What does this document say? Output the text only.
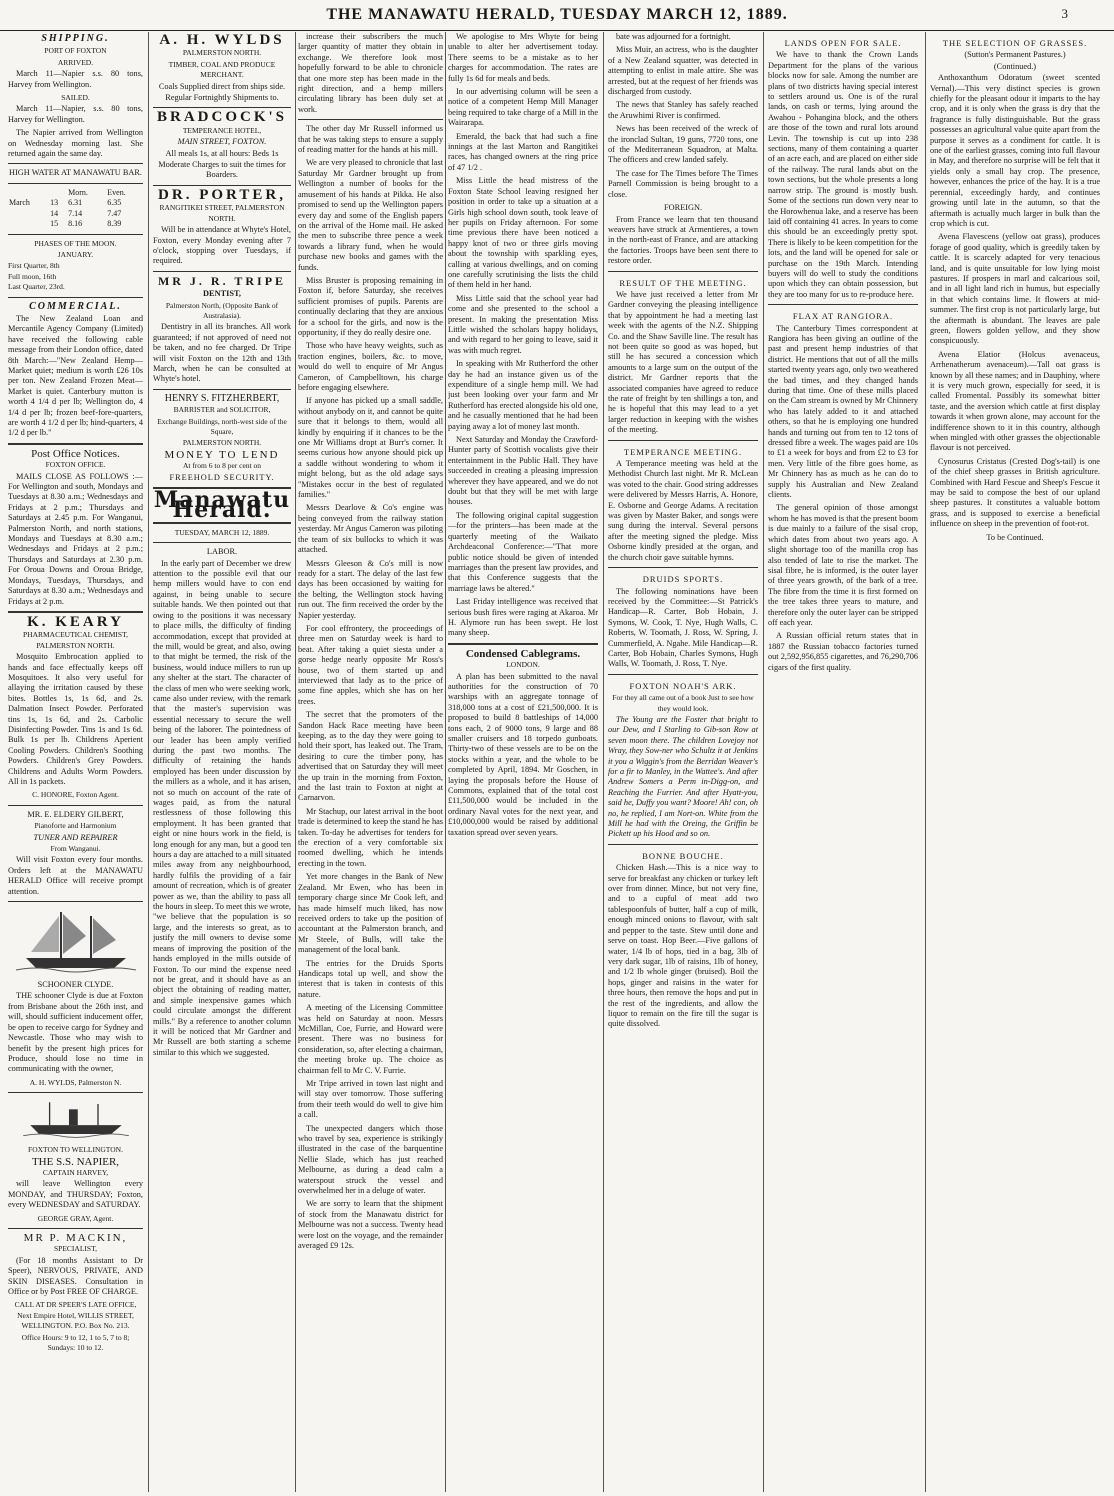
THE MANAWATU HERALD, TUESDAY MARCH 12, 1889.	3
SHIPPING.
PORT OF FOXTON
ARRIVED.

March 11—Napier s.s. 80 tons, Harvey from Wellington.

SAILED.

March 11—Napier, s.s. 80 tons, Harvey for Wellington.

The Napier arrived from Wellington on Wednesday morning last. She returned again the same day.

HIGH WATER AT MANAWATU BAR.
		Morn.	Even.
March	13	6.31	6.35
	14	7.14	7.47
	15	8.16	8.39
PHASES OF THE MOON.
JANUARY.
First Quarter, 8th
Full moon, 16th
Last Quarter, 23rd.
COMMERCIAL.

The New Zealand Loan and Mercantile Agency Company (Limited) have received the following cable message from their London office, dated 8th March:—"New Zealand Hemp—Market quiet; medium is worth £26 10s per ton. New Zealand Frozen Meat—Market is quiet. Canterbury mutton is worth 4 1/4 d per lb; Wellington do, 4 1/4 d per lb; frozen beef-fore-quarters, are worth 4 1/2 d per lb; hind-quarters, 4 1/2 d per lb."

Post Office Notices.
FOXTON OFFICE.

MAILS CLOSE AS FOLLOWS :— For Wellington and south, Mondays and Tuesdays at 8.30 a.m.; Wednesdays and Fridays at 2 p.m.; Thursdays and Saturdays at 2.45 p.m. For Wanganui, Palmerston North, and north stations, Mondays and Tuesdays at 8.30 a.m.; Wednesdays and Fridays at 2 p.m.; Thursdays and Saturdays at 2.30 p.m. For Oroua Downs and Oroua Bridge, Mondays, Tuesdays, Thursdays, and Saturdays at 8.30 a.m.; Wednesdays and Fridays at 2 p.m.

K. KEARY
PHARMACEUTICAL CHEMIST, PALMERSTON NORTH.

Mosquito Embrocation applied to hands and face effectually keeps off Mosquitoes. It also very useful for allaying the irritation caused by these bites. Bottles 1s, 1s 6d, and 2s. Dalmation Insect Powder. Perforated tins 1s, 1s 6d, and 2s. Carbolic Disinfecting Powder. Tins 1s and 1s 6d. Bulk 1s per lb. Childrens Aperient Cooling Powders. Children's Soothing Powders. Children's Grey Powders. Childrens and Adults Worm Powders. All in 1s packets.

C. HONORE, Foxton Agent.
MR. E. ELDERY GILBERT,
Pianoforte and Harmonium
TUNER AND REPAIRER
From Wanganui.

Will visit Foxton every four months. Orders left at the MANAWATU HERALD Office will receive prompt attention.

SCHOONER CLYDE.

THE schooner Clyde is due at Foxton from Brisbane about the 26th inst, and will, should sufficient inducement offer, be open to receive cargo for Sydney and Newcastle. Those who may wish to benefit by the present high prices for Produce, should lose no time in communicating with the owner,

A. H. WYLDS, Palmerston N.
FOXTON TO WELLINGTON.
THE S.S. NAPIER,
CAPTAIN HARVEY,

will leave Wellington every MONDAY, and THURSDAY; Foxton, every WEDNESDAY and SATURDAY.

GEORGE GRAY, Agent.
MR P. MACKIN,
SPECIALIST,

(For 18 months Assistant to Dr Speer), NERVOUS, PRIVATE, AND SKIN DISEASES. Consultation in Office or by Post FREE OF CHARGE.

CALL AT DR SPEER'S LATE OFFICE, Next Empire Hotel, WILLIS STREET, WELLINGTON. P.O. Box No. 213.
Office Hours: 9 to 12, 1 to 5, 7 to 8; Sundays: 10 to 12.
A. H. WYLDS
PALMERSTON NORTH.
TIMBER, COAL AND PRODUCE MERCHANT.
Coals Supplied direct from ships side.
Regular Fortnightly Shipments to.
BRADCOCK'S
TEMPERANCE HOTEL,
MAIN STREET, FOXTON.
All meals 1s, at all hours: Beds 1s
Moderate Charges to suit the times for Boarders.
DR. PORTER,
RANGITIKEI STREET, PALMERSTON NORTH.

Will be in attendance at Whyte's Hotel, Foxton, every Monday evening after 7 o'clock, stopping over Tuesdays, if required.

MR J. R. TRIPE
DENTIST,
Palmerston North, (Opposite Bank of Australasia).

Dentistry in all its branches. All work guaranteed; if not approved of need not be taken, and no fee charged. Dr Tripe will visit Foxton on the 12th and 13th March, when he can be consulted at Whyte's hotel.

HENRY S. FITZHERBERT,
BARRISTER and SOLICITOR,
Exchange Buildings, north-west side of the Square,
PALMERSTON NORTH.
MONEY TO LEND
At from 6 to 8 per cent on
FREEHOLD SECURITY.
Manawatu Herald.
TUESDAY, MARCH 12, 1889.
LABOR.

In the early part of December we drew attention to the possible evil that our hemp millers would have to con end against, in being unable to secure suitable hands. We then pointed out that owing to the positions it was necessary to place mills, the difficulty of finding accommodation, except that provided at the mill, would be great, and also, owing to that might be termed, the risk of the business, would induce millers to run up any shelter at the start. The character of the class of men who were seeking work, came also under review, with the remark that the master's supervision was essential necessary to secure the well being of the laborer. The pointedness of our leader has been amply verified during the past two months. The difficulty of retaining the hands employed has been under discussion by the millers as a whole, and it has arisen, not so much on account of the rate of wages paid, as from the natural restlessness of those following this employment. It has been granted that eight or nine hours work in the field, is long enough for any man, but a good ten hours a day are attached to a mill situated miles away from any neighbourhood, hardly fulfils the providing of a fair amount of recreation, which is of greater power as we, than the ability to pass all the hours in sleep. To meet this we wrote, "we believe that the population is so large, and the interests so great, as to justify the mill owners to devise some means of improving the position of the hands employed in the mills outside of Foxton. To our mind the expense need not be great, and it should have as an object the obtaining of reading matter, and simple inexpensive games which could circulate amongst the different mills." By a reference to another column it will be noticed that Mr Gardner and Mr Russell are both starting a scheme similar to this which we suggested.

increase their subscribers the much larger quantity of matter they obtain in exchange. We therefore look most hopefully forward to be able to chronicle that one more step has been made in the right direction, and a hemp millers circulating library has been duly set at work.

The other day Mr Russell informed us that he was taking steps to ensure a supply of reading matter for the hands at his mill.

We are very pleased to chronicle that last Saturday Mr Gardner brought up from Wellington a number of books for the amusement of his hands at Pikka. He also promised to send up the Wellington papers every day and some of the English papers on the arrival of the Home mail. He asked the men to subscribe three pence a week towards a library fund, when he would purchase new books and games with the funds.

Miss Bruster is proposing remaining in Foxton if, before Saturday, she receives sufficient promises of pupils. Parents are continually declaring that they are anxious for a school for the girls, and now is the opportunity, if they do really desire one.

Those who have heavy weights, such as traction engines, boilers, &c. to move, would do well to enquire of Mr Angus Cameron, of Campbelltown, his charge before engaging elsewhere.

If anyone has picked up a small saddle, without anybody on it, and cannot be quite sure that it belongs to them, would all kindly by enquiring if it chances to be the one Mr Williams dropt at Burr's corner. It seems curious how anyone should pick up a saddle without wondering to whom it might belong, but as the old adage says "Mistakes occur in the best of regulated families."

Messrs Dearlove & Co's engine was being conveyed from the railway station yesterday. Mr Angus Cameron was piloting the team of six bullocks to which it was attached.

Messrs Gleeson & Co's mill is now ready for a start. The delay of the last few days has been occasioned by waiting for the belting, the Wellington stock having run out. The firm received the order by the Napier yesterday.

For cool effrontery, the proceedings of three men on Saturday week is hard to beat. After taking a quiet siesta under a gorse hedge nearly opposite Mr Ross's house, two of them started up and interviewed that lady as to the price of some fine apples, which she has on her trees.

The secret that the promoters of the Sandon Hack Race meeting have been keeping, as to the day they were going to hold their sport, has leaked out. The Tram, desiring to cure the timber pony, has advertised that on Saturday they will meet the up train in the morning from Foxton, and the last train to Foxton at night at Carnarvon.

Mr Stachup, our latest arrival in the boot trade is determined to keep the stand he has taken. To-day he advertises for tenders for the erection of a very comfortable six roomed dwelling, which he intends erecting in the town.

Yet more changes in the Bank of New Zealand. Mr Ewen, who has been in temporary charge since Mr Cook left, and has made himself much liked, has now received orders to take up the position of accountant at the Palmerston branch, and Mr Steele, of Bulls, will take the management of the local bank.

The entries for the Druids Sports Handicaps total up well, and show the interest that is taken in contests of this nature.

A meeting of the Licensing Committee was held on Saturday at noon. Messrs McMillan, Coe, Furrie, and Howard were present. There was no business for consideration, so, after electing a chairman, the meeting broke up. The choice as chairman fell to Mr C. V. Furrie.

Mr Tripe arrived in town last night and will stay over tomorrow. Those suffering from their teeth would do well to give him a call.

The unexpected dangers which those who travel by sea, experience is strikingly illustrated in the case of the barquentine Nellie Slade, which has just reached Melbourne, as during a dead calm a waterspout struck the vessel and overwhelmed her in a deluge of water.

We are sorry to learn that the shipment of stock from the Manawatu district for Melbourne was not a success. Twenty head were lost on the voyage, and the remainder averaged £9 12s.

We apologise to Mrs Whyte for being unable to alter her advertisement today. There seems to be a mistake as to her charges for accommodation. The rates are fully 1s 6d for meals and beds.

In our advertising column will be seen a notice of a competent Hemp Mill Manager being required to take charge of a Mill in the Wairarapa.

Emerald, the back that had such a fine innings at the last Marton and Rangitikei races, has changed owners at the ring price of 47 1/2 .

Miss Little the head mistress of the Foxton State School leaving resigned her position in order to take up a situation at a Girls high school down south, took leave of her pupils on Friday afternoon. For some time previous there have been noticed a happy knot of two or three girls moving about the township with sparkling eyes, calling at various dwellings, and on coming one carefully scrutinising the lists the child of them held in her hand.

Miss Little said that the school year had come and she presented to the school a present. In making the presentation Miss Little wished the scholars happy holidays, and with regard to her going to leave, said it was with much regret.

In speaking with Mr Rutherford the other day he had an instance given us of the expenditure of a single hemp mill. We had just been looking over your farm and Mr Rutherford has erected alongside his old one, and he casually mentioned that he had been paying away a lot of money last month.

Next Saturday and Monday the Crawford-Hunter party of Scottish vocalists give their entertainment in the Public Hall. They have succeeded in creating a pleasing impression wherever they have appeared, and we do not doubt but that they will be met with large houses.

The following original capital suggestion—for the printers—has been made at the quarterly meeting of the Waikato Archdeaconal Conference:—"That more public notice should be given of intended marriages than the present law provides, and that this Conference suggests that the marriage laws be altered."

Last Friday intelligence was received that serious bush fires were raging at Akaroa. Mr H. Alymore run has been swept. He lost many sheep.

Condensed Cablegrams.
LONDON.

A plan has been submitted to the naval authorities for the construction of 70 warships with an aggregate tonnage of 318,000 tons at a cost of £21,500,000. It is proposed to build 8 battleships of 14,000 tons each, 2 of 9000 tons, 9 large and 88 smaller cruisers and 18 torpedo gunboats. Thirty-two of these vessels are to be on the stocks within a year, and the whole to be completed by April, 1894. Mr Goschen, in laying the proposals before the House of Commons, explained that of the total cost £11,500,000 would be included in the ordinary Naval votes for the next year, and £10,000,000 would be raised by additional taxation spread over seven years.

bate was adjourned for a fortnight.

Miss Muir, an actress, who is the daughter of a New Zealand squatter, was detected in attempting to enlist in male attire. She was arrested, but at the request of her friends was discharged from custody.

The news that Stanley has safely reached the Aruwhimi River is confirmed.

News has been received of the wreck of the ironclad Sultan, 19 guns, 7720 tons, one of the Mediterranean Squadron, at Malta. The officers and crew landed safely.

The case for The Times before The Times Parnell Commission is being brought to a close.

FOREIGN.

From France we learn that ten thousand weavers have struck at Armentieres, a town in the north-east of France, and are attacking the factories. Troops have been sent there to restore order.

RESULT OF THE MEETING.

We have just received a letter from Mr Gardner conveying the pleasing intelligence that by appointment he had a meeting last week with the agents of the N.Z. Shipping Co. and the Shaw Saville line. The result has not been quite so good as was hoped, but still he has secured a concession which amounts to a large sum on the output of the district. Mr Gardner reports that the associated companies have agreed to reduce the rate of freight by ten shillings a ton, and he is hopeful that this may lead to a yet larger reduction in keeping with the wishes of the meeting.

TEMPERANCE MEETING.

A Temperance meeting was held at the Methodist Church last night. Mr R. McLean was voted to the chair. Good string addresses were delivered by Messrs Harris, A. Honore, E. Osborne and George Adams. A recitation was given by Master Baker, and songs were sung during the interval. Several persons after the meeting signed the pledge. Miss Osborne kindly presided at the organ, and the church choir gave suitable hymns.

DRUIDS SPORTS.

The following nominations have been received by the Committee:—St Patrick's Handicap—R. Carter, Bob Hobain, J. Symons, W. Cook, T. Nye, Hugh Walls, C. Roberts, W. Toomath, J. Ross, W. Spring, J. Cummerfield, A. Ngahe. Mile Handicap—R. Carter, Bob Hobain, Charles Symons, Hugh Walls, W. Toomath, J. Ross, T. Nye.

FOXTON NOAH'S ARK.
For they all came out of a book Just to see how they would look.

The Young are the Foster that bright to our Dew, and I Starling to Gib-son Row at seven moon there. The children Lovejoy not Wray, they Sow-ner who Schultz it at Jenkins it you a Wiggin's from the Berridan Weaver's for a fir to Manley, in the Wattee's. And after Andrew Somers a Perm in-Digg-on, and Reaching the Furrier. And after Hyatt-you, said he, Duffy you want? Moore! Ah! con, oh no, he replied, I am Nort-on. White from the Mill he had with the Oreing, the Griffin be Pickett up his Hood and so on.

BONNE BOUCHE.

Chicken Hash.—This is a nice way to serve for breakfast any chicken or turkey left over from dinner. Mince, but not very fine, and to a cupful of meat add two tablespoonfuls of butter, half a cup of milk, enough minced onions to flavour, with salt and pepper to the taste. Stew until done and serve on toast. Hop Beer.—Five gallons of water, 1/4 lb of hops, tied in a bag, 3lb of very dark sugar, 1lb of raisins, 1lb of honey, and 1/2 lb whole ginger (bruised). Boil the hops, ginger and raisins in the water for three hours, then remove the hops and put in the rest of the ingredients, and allow the liquor to remain on the fire till the sugar is quite dissolved.

LANDS OPEN FOR SALE.

We have to thank the Crown Lands Department for the plans of the various blocks now for sale. Among the number are plans of two districts having special interest to settlers around us. One is of the rural lands, on cash or terms, lying around the Awahou - Pohangina block, and the others are those of the town and rural lots around Levin. The township is cut up into 238 sections, many of them containing a quarter of an acre each, and are placed on either side of the railway. The rural lands abut on the town sections, but the whole presents a long narrow strip. The ground is mostly bush. Some of the sections run down very near to the Horowhenua lake, and a reserve has been laid off containing 41 acres. In years to come this should be an exceedingly pretty spot. There is likely to be keen competition for the lots, and the land will be opened for sale or purchase on the 19th March. Intending buyers will do well to study the conditions upon which they can obtain possession, but they are too many for us to re-produce here.

FLAX AT RANGIORA.

The Canterbury Times correspondent at Rangiora has been giving an outline of the past and present hemp industries of that district. He mentions that out of all the mills started twenty years ago, only two weathered the bad times, and they changed hands during that time. One of these mills placed on the Cam stream is owned by Mr Chinnery who has lately added to it and attached others, so that he is employing one hundred hands and turning out from ten to 12 tons of dressed fibre a week. The wages paid are 10s to £1 a week for boys and from £2 to £3 for men. Very little of the fibre goes home, as Mr Chinnery has as much as he can do to supply his Australian and New Zealand clients.

The general opinion of those amongst whom he has moved is that the present boom is due mainly to a failure of the sisal crop, which dates from about two years ago. A slight shortage too of the manilla crop has also tended of late to rise the market. The sisal fibre, he is informed, is the outer layer of three years growth, of the bark of a tree. The fibre from the time it is first formed on the tree takes three years to mature, and therefore only the outer layer can be stripped off each year.

A Russian official return states that in 1887 the Russian tobacco factories turned out 2,592,956,855 cigarettes, and 76,290,706 cigars of the first quality.

THE SELECTION OF GRASSES.
(Sutton's Permanent Pastures.)
(Continued.)

Anthoxanthum Odoratum (sweet scented Vernal).—This very distinct species is grown chiefly for the pleasant odour it imparts to the hay crop, and it is only when the grass is dry that the fragrance is fully distinguishable. But the grass possesses an agricultural value quite apart from the purpose it serves as a condiment for cattle. It is one of the earliest grasses, coming into full flavour in May, and therefore no surprise will be felt that it yields only a small hay crop. The presence, however, enhances the price of the hay. It is a true perennial, exceedingly hardy, and continues growing until late in the autumn, so that the aftermath is actually much larger in bulk than the crop which is cut.

Avena Flavescens (yellow oat grass), produces forage of good quality, which is greedily taken by cattle. It is scarcely adapted for very tenacious land, and is quite unsuitable for low lying moist pastures. If prospers in marl and calcarious soil, and in all light land rich in humus, but especially in that which contains lime. It flowers at mid-summer. The first crop is not particularly large, but the aftermath is abundant. The leaves are pale green, flowers golden yellow, and they show conspicuously.

Avena Elatior (Holcus avenaceus, Arrhenatherum avenaceum).—Tall oat grass is known by all these names; and in Dauphiny, where it is very much grown, especially for seed, it is called Fromental. Possibly its somewhat bitter taste, and the aversion which cattle at first display towards it when grown alone, may account for the indifference shown to it in this country, although when mingled with other grasses the objectionable flavour is not perceived.

Cynosurus Cristatus (Crested Dog's-tail) is one of the chief sheep grasses in British agriculture. Combined with Hard Fescue and Sheep's Fescue it may be said to compose the best of our upland sheep pastures. It constitutes a valuable bottom grass, and is supposed to exercise a beneficial influence on sheep in the prevention of foot-rot.

To be Continued.
